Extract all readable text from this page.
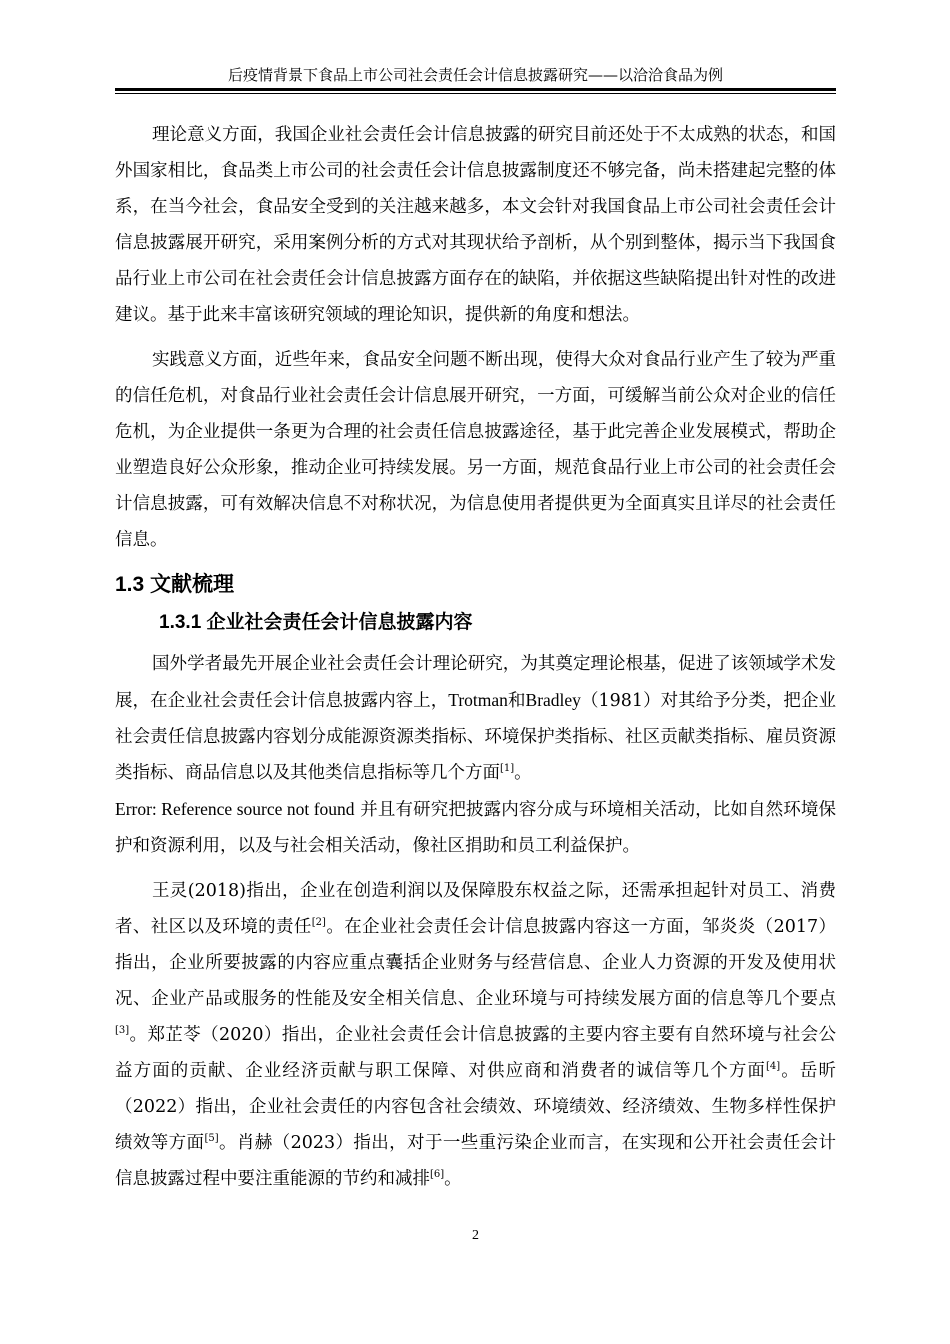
后疫情背景下食品上市公司社会责任会计信息披露研究——以洽洽食品为例

理论意义方面，我国企业社会责任会计信息披露的研究目前还处于不太成熟的状态，和国外国家相比，食品类上市公司的社会责任会计信息披露制度还不够完备，尚未搭建起完整的体系，在当今社会，食品安全受到的关注越来越多，本文会针对我国食品上市公司社会责任会计信息披露展开研究，采用案例分析的方式对其现状给予剖析，从个别到整体，揭示当下我国食品行业上市公司在社会责任会计信息披露方面存在的缺陷，并依据这些缺陷提出针对性的改进建议。基于此来丰富该研究领域的理论知识，提供新的角度和想法。

实践意义方面，近些年来，食品安全问题不断出现，使得大众对食品行业产生了较为严重的信任危机，对食品行业社会责任会计信息展开研究，一方面，可缓解当前公众对企业的信任危机，为企业提供一条更为合理的社会责任信息披露途径，基于此完善企业发展模式，帮助企业塑造良好公众形象，推动企业可持续发展。另一方面，规范食品行业上市公司的社会责任会计信息披露，可有效解决信息不对称状况，为信息使用者提供更为全面真实且详尽的社会责任信息。

1.3 文献梳理
1.3.1 企业社会责任会计信息披露内容

国外学者最先开展企业社会责任会计理论研究，为其奠定理论根基，促进了该领域学术发展，在企业社会责任会计信息披露内容上，Trotman和Bradley（1981）对其给予分类，把企业社会责任信息披露内容划分成能源资源类指标、环境保护类指标、社区贡献类指标、雇员资源类指标、商品信息以及其他类信息指标等几个方面[1]。
Error: Reference source not found 并且有研究把披露内容分成与环境相关活动，比如自然环境保护和资源利用，以及与社会相关活动，像社区捐助和员工利益保护。

王灵(2018)指出，企业在创造利润以及保障股东权益之际，还需承担起针对员工、消费者、社区以及环境的责任[2]。在企业社会责任会计信息披露内容这一方面，邹炎炎（2017）指出，企业所要披露的内容应重点囊括企业财务与经营信息、企业人力资源的开发及使用状况、企业产品或服务的性能及安全相关信息、企业环境与可持续发展方面的信息等几个要点[3]。郑芷苓（2020）指出，企业社会责任会计信息披露的主要内容主要有自然环境与社会公益方面的贡献、企业经济贡献与职工保障、对供应商和消费者的诚信等几个方面[4]。岳昕（2022）指出，企业社会责任的内容包含社会绩效、环境绩效、经济绩效、生物多样性保护绩效等方面[5]。肖赫（2023）指出，对于一些重污染企业而言，在实现和公开社会责任会计信息披露过程中要注重能源的节约和减排[6]。

2
